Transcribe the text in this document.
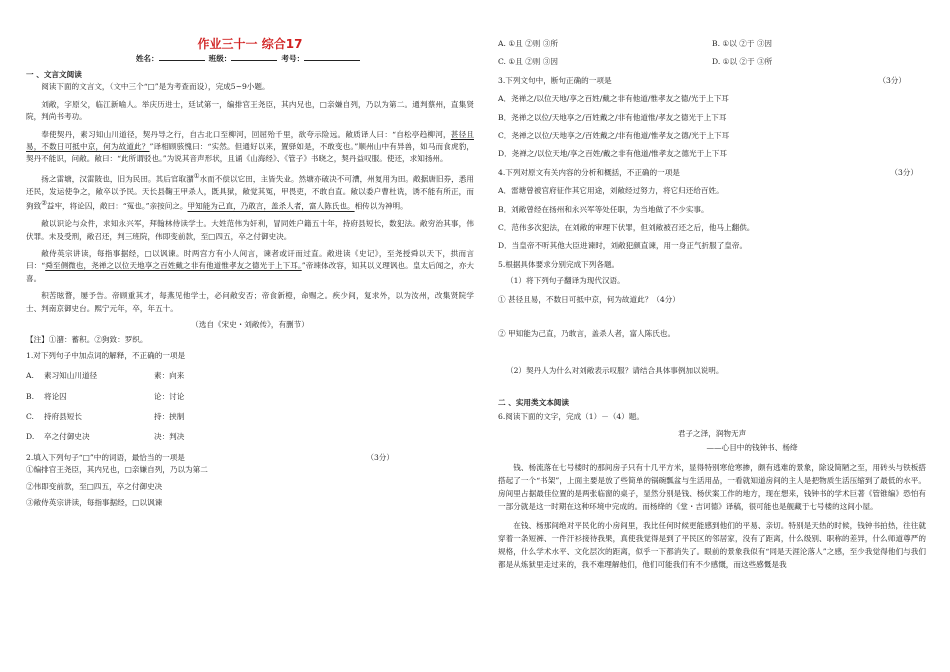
作业三十一 综合17
姓名：	班级：	考号：
一 、文言文阅读

阅读下面的文言文，（文中三个“□”是为考查而设），完成5~9小题。

刘敞，字原父，临江新喻人。举庆历进士，廷试第一，编排官王尧臣，其内兄也，□亲嫌自列，乃以为第二。通判蔡州，直集贤院，判尚书考功。

奉使契丹，素习知山川道径，契丹导之行，自古北口至柳河，回屈殆千里，欲夸示险远。敞质译人曰：“自松亭趋柳河，甚径且易，不数日可抵中京，何为故道此？”译相顾骇愧曰：“实然。但通好以来，置驿如是，不敢变也。”顺州山中有异兽，如马而食虎豹，契丹不能识，问敞。敞曰：“此所谓驳也。”为说其音声形状，且诵《山海经》、《管子》书晓之，契丹益叹服。使还，求知扬州。

扬之雷塘，汉雷陂也，旧为民田。其后官取潴①水而不偿以它田，主皆失业。然塘亦破决不可漕，州复用为田。敞据唐旧券，悉用还民，发运使争之，敞卒以予民。天长县鞠王甲杀人，既具狱，敞觉其冤，甲畏吏，不敢自直。敞以委户曹杜诜，诱不能有所正，而狗致②益牢，将论囚，敞曰：“冤也。”亲按问之。甲知能为己直，乃敢言，盖杀人者，富人陈氏也。相传以为神明。

敞以识论与众件，求知永兴军，拜翰林侍读学士。大姓范伟为奸利，冒同姓户籍五十年，持府县短长，数犯法。敞穷治其事，伟伏罪。未及受刑，敞召还，判三班院，伟即变前款，至□四五，卒之付御史决。

敞侍英宗讲读，每指事据经，□以讽谏。时两宫方有小人间言，谏者或讦而过直。敞进读《史记》，至尧授舜以天下，拱而言曰：“舜至侧微也，尧禅之以位天地享之百姓戴之非有他道惟孝友之德光于上下耳。”帝竦体改容，知其以义理讽也。皇太后闻之，亦大喜。

积苦眩瞀，屡予告。帝顾重其才，每燕见他学士，必问敞安否；帝食新橙，命赐之。疾少间，复求外，以为汝州，改集贤院学士、判南京御史台。熙宁元年，卒，年五十。

（选自《宋史・刘敞传》，有删节）

【注】①潴：蓄积。②狗致：罗织。

1.对下列句子中加点词的解释，不正确的一项是

A.	素习知山川道径	素：向来
B.	将论囚	论：讨论
C.	持府县短长	持：挟制
D.	卒之付御史决	决：判决

2.填入下列句子“□”中的词语，最恰当的一项是	（3分）

①编排官王尧臣，其内兄也，□亲嫌自列，乃以为第二

②伟即变前款，至□四五，卒之付御史决

③敞侍英宗讲读，每指事据经，□以讽谏

A. ①且 ②则 ③所	B. ①以 ②于 ③因
C. ①且 ②则 ③因	D. ①以 ②于 ③所

3.下列文句中，断句正确的一项是	（3分）

A．尧禅之/以位天地/享之百姓/戴之非有他道/惟孝友之德/光于上下耳

B．尧禅之以位/天地享之/百姓戴之/非有他道惟/孝友之德光于上下耳

C．尧禅之以位/天地享之/百姓戴之/非有他道/惟孝友之德/光于上下耳

D．尧禅之/以位天地/享之百姓/戴之非有他道/惟孝友之德光于上下耳

4.下列对原文有关内容的分析和概括，不正确的一项是	（3分）

A．雷塘曾被官府征作其它用途，刘敞经过努力，将它归还给百姓。

B．刘敞曾经在扬州和永兴军等处任职，为当地做了不少实事。

C．范伟多次犯法，在刘敞的审理下伏罪，但刘敞被召还之后，他马上翻供。

D．当皇帝不听其他大臣进谏时，刘敞犯颜直谏，用一身正气折服了皇帝。

5.根据具体要求分别完成下列各题。

（1）将下列句子翻译为现代汉语。

① 甚径且易，不数日可抵中京，何为故道此？（4分）

② 甲知能为己直，乃敢言，盖杀人者，富人陈氏也。

（2）契丹人为什么对刘敞表示叹服？请结合具体事例加以说明。

二 、实用类文本阅读

6.阅读下面的文字，完成（1）－（4）题。

君子之泽，润物无声

——心目中的钱钟书、杨绛

钱、杨流落在七号楼时的那间房子只有十几平方米，显得特别寒伧寒掺，颇有逃难的景象，除设简陋之至，用砖头与铁板搭搭起了一个“书架”，上面主要是放了些简单的锅碗瓢盆与生活用品，一看就知道房间的主人是把物质生活压缩到了最低的水平。房间里占据最佳位置的是两张临窗的桌子，显然分别是钱、杨伏案工作的地方，现在想来，钱钟书的学术巨著《管锥编》恐怕有一部分就是这一时期在这种环境中完成的。而杨绛的《堂・吉诃德》译稿，很可能也是舰藏于七号楼的这间小屋。

在钱、杨那间绝对平民化的小房间里，我比任何时候更能感到他们的平易、亲切。特别是天热的时候，钱钟书拍热，往往就穿着一条短裤、一件汗衫接待我果，真使我觉得是到了平民区的邻居家，没有了距离，什么级别、职称的差异，什么师道尊严的规格，什么学术水平、文化层次的距离，似乎一下都消失了。眼前的景象我似有“同是天涯沦落人”之感，至少我觉得他们与我们都是从炼狱里走过来的，我不难理解他们，他们可能我们有不少感慨，而这些感慨是我
